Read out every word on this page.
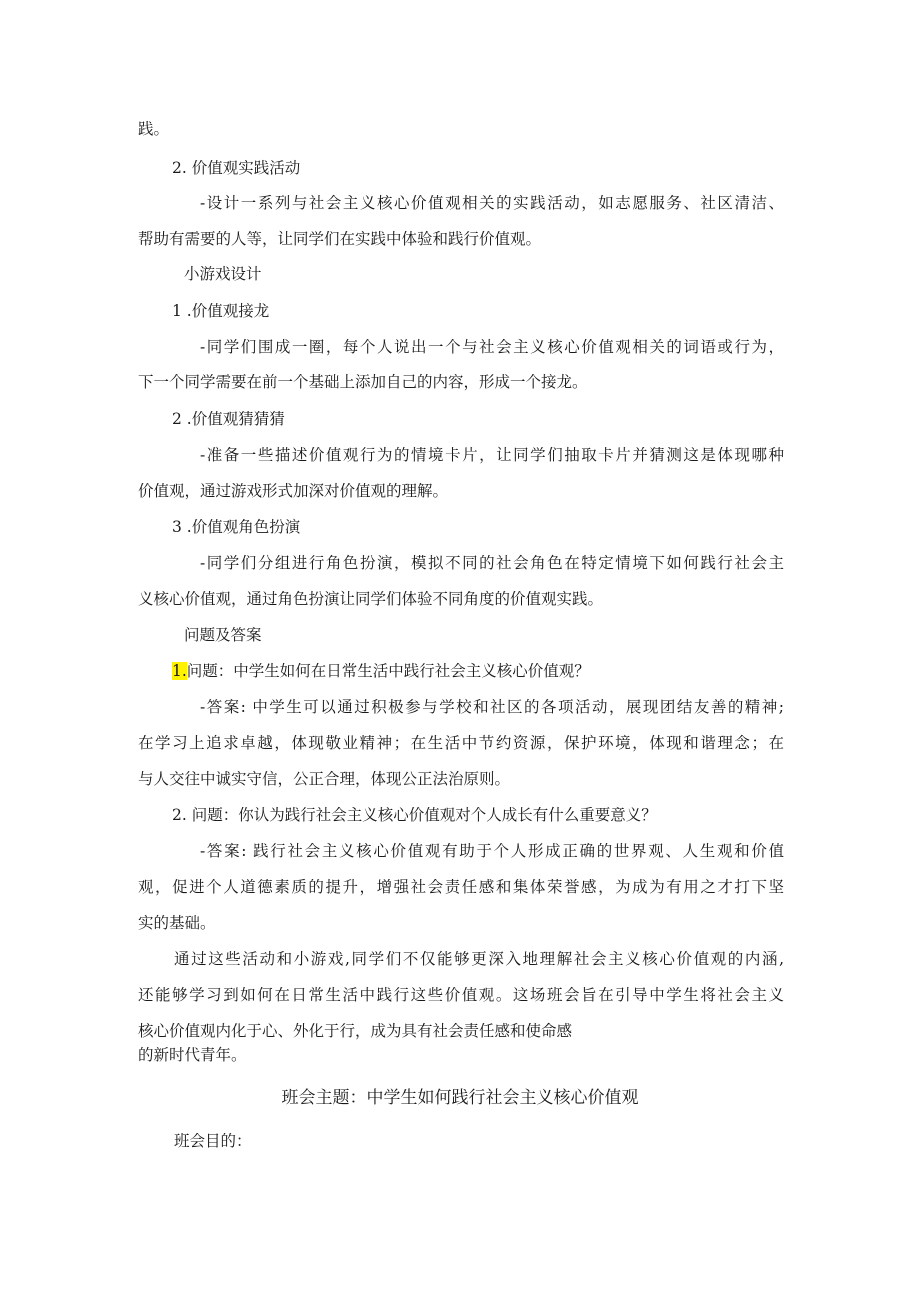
践。

2. 价值观实践活动

-设计一系列与社会主义核心价值观相关的实践活动，如志愿服务、社区清洁、

帮助有需要的人等，让同学们在实践中体验和践行价值观。

小游戏设计

1 .价值观接龙

-同学们围成一圈，每个人说出一个与社会主义核心价值观相关的词语或行为，

下一个同学需要在前一个基础上添加自己的内容，形成一个接龙。

2 .价值观猜猜猜

-准备一些描述价值观行为的情境卡片，让同学们抽取卡片并猜测这是体现哪种

价值观，通过游戏形式加深对价值观的理解。

3 .价值观角色扮演

-同学们分组进行角色扮演，模拟不同的社会角色在特定情境下如何践行社会主

义核心价值观，通过角色扮演让同学们体验不同角度的价值观实践。

问题及答案

1.问题：中学生如何在日常生活中践行社会主义核心价值观？

-答案: 中学生可以通过积极参与学校和社区的各项活动，展现团结友善的精神;

在学习上追求卓越，体现敬业精神；在生活中节约资源，保护环境，体现和谐理念；在

与人交往中诚实守信，公正合理，体现公正法治原则。

2. 问题：你认为践行社会主义核心价值观对个人成长有什么重要意义？

-答案: 践行社会主义核心价值观有助于个人形成正确的世界观、人生观和价值

观，促进个人道德素质的提升，增强社会责任感和集体荣誉感，为成为有用之才打下坚

实的基础。

通过这些活动和小游戏,同学们不仅能够更深入地理解社会主义核心价值观的内涵,

还能够学习到如何在日常生活中践行这些价值观。这场班会旨在引导中学生将社会主义

核心价值观内化于心、外化于行，成为具有社会责任感和使命感

的新时代青年。

班会主题：中学生如何践行社会主义核心价值观

班会目的：
